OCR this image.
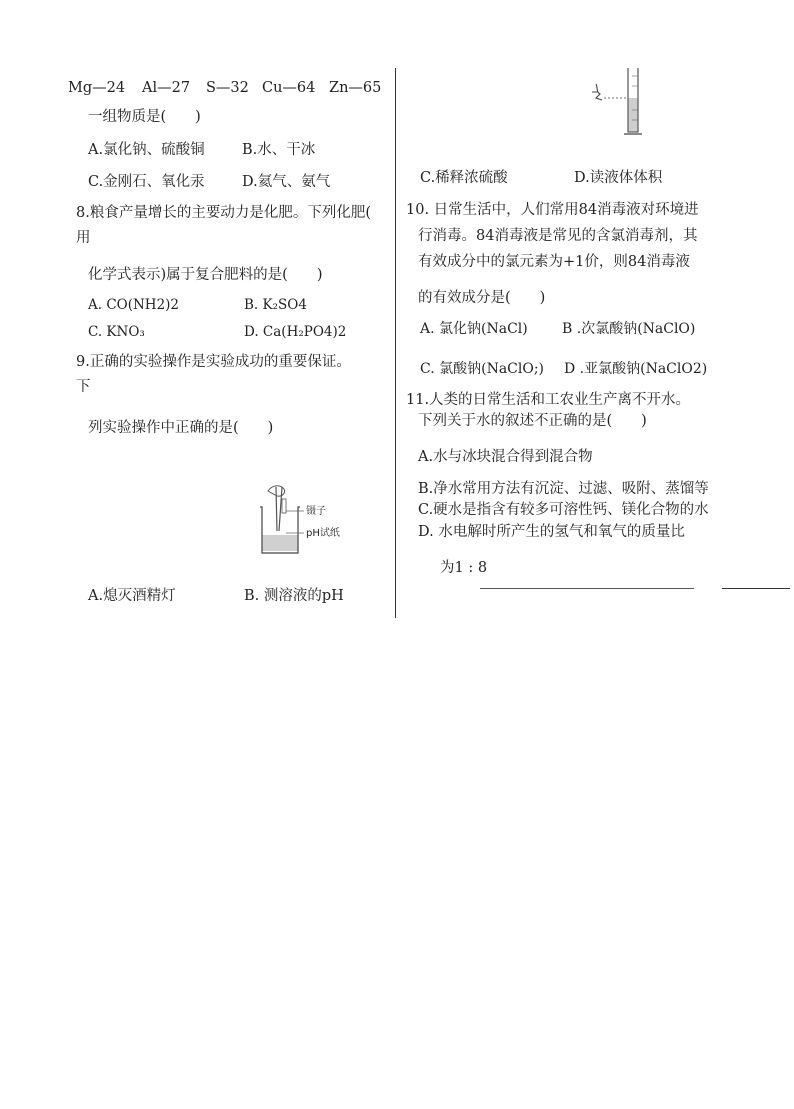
Mg—24 Al—27 S—32 Cu—64 Zn—65
一组物质是(　　)
A.氯化钠、硫酸铜	B.水、干冰
C.金刚石、氧化汞	D.氦气、氨气
8.粮食产量增长的主要动力是化肥。下列化肥(
用
化学式表示)属于复合肥料的是(　　)
A. CO(NH2)2	B. K₂SO4
C. KNO₃	D. Ca(H₂PO4)2
9.正确的实验操作是实验成功的重要保证。
下
列实验操作中正确的是(　　)
镊子
pH试纸
A.熄灭酒精灯	B. 测溶液的pH
C.稀释浓硫酸	D.读液体体积
10. 日常生活中，人们常用84消毒液对环境进
行消毒。84消毒液是常见的含氯消毒剂，其
有效成分中的氯元素为+1价，则84消毒液
的有效成分是(　　)
A. 氯化钠(NaCl) B .次氯酸钠(NaClO)
C. 氯酸钠(NaClO;) D .亚氯酸钠(NaClO2)
11.人类的日常生活和工农业生产离不开水。
下列关于水的叙述不正确的是(　　)
A.水与冰块混合得到混合物
B.净水常用方法有沉淀、过滤、吸附、蒸馏等
C.硬水是指含有较多可溶性钙、镁化合物的水
D. 水电解时所产生的氢气和氧气的质量比
为1 : 8
